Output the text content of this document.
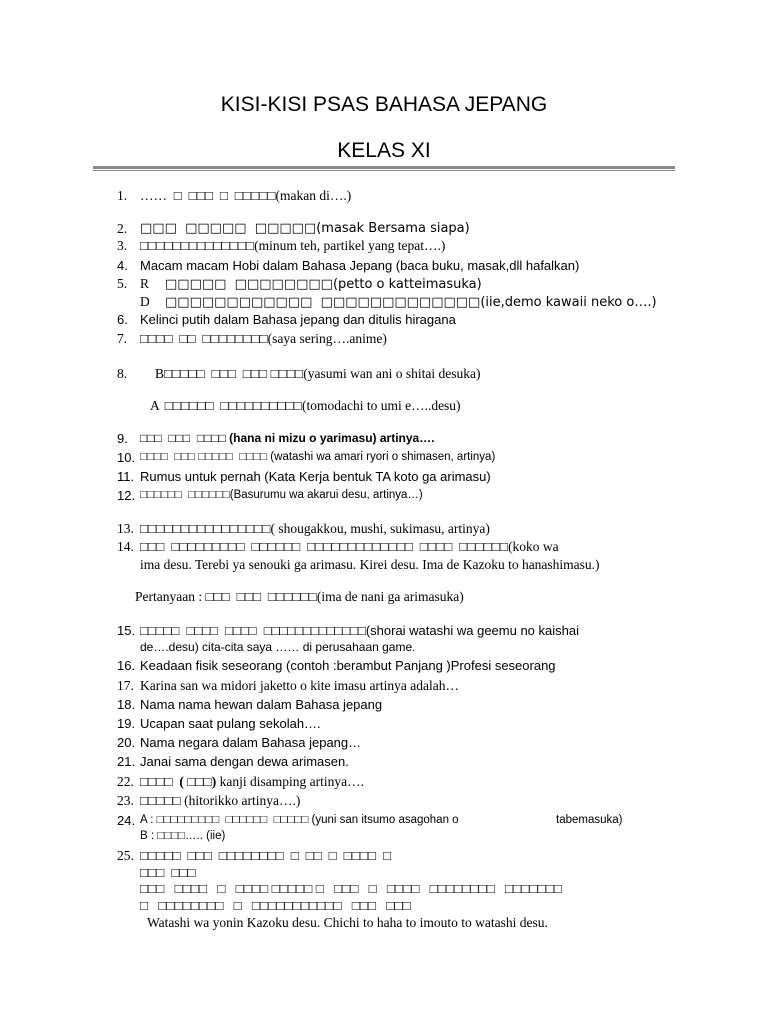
KISI-KISI PSAS BAHASA JEPANG
KELAS XI

1.

……  □  □□□  □  □□□□□(makan di….)

2.

□□□  □□□□□  □□□□□(masak Bersama siapa)

3.

□□□□□□□□□□□□□□(minum teh, partikel yang tepat….)

4.

Macam macam Hobi dalam Bahasa Jepang (baca buku, masak,dll hafalkan)

5.

R □□□□□  □□□□□□□□(petto o katteimasuka)

D □□□□□□□□□□□□  □□□□□□□□□□□□□(iie,demo kawaii neko o….)

6.

Kelinci putih dalam Bahasa jepang dan ditulis hiragana

7.

□□□□  □□  □□□□□□□□(saya sering….anime)

8.

B□□□□□  □□□  □□□ □□□□(yasumi wan ani o shitai desuka)

A □□□□□□  □□□□□□□□□□(tomodachi to umi e…..desu)

9.

□□□  □□□  □□□□ (hana ni mizu o yarimasu) artinya….

10.

□□□□  □□□ □□□□□  □□□□ (watashi wa amari ryori o shimasen, artinya)

11.

Rumus untuk pernah (Kata Kerja bentuk TA koto ga arimasu)

12.

□□□□□□  □□□□□□(Basurumu wa akarui desu, artinya…)

13.

□□□□□□□□□□□□□□□□( shougakkou, mushi, sukimasu, artinya)

14.

□□□  □□□□□□□□□  □□□□□□  □□□□□□□□□□□□□  □□□□  □□□□□□(koko wa

ima desu. Terebi ya senouki ga arimasu. Kirei desu. Ima de Kazoku to hanashimasu.)

Pertanyaan : □□□  □□□  □□□□□□(ima de nani ga arimasuka)

15.

□□□□□  □□□□  □□□□  □□□□□□□□□□□□□(shorai watashi wa geemu no kaishai

de….desu) cita-cita saya …… di perusahaan game.

16.

Keadaan fisik seseorang (contoh :berambut Panjang )Profesi seseorang

17.

Karina san wa midori jaketto o kite imasu artinya adalah…

18.

Nama nama hewan dalam Bahasa jepang

19.

Ucapan saat pulang sekolah….

20.

Nama negara dalam Bahasa jepang…

21.

Janai sama dengan dewa arimasen.

22.

□□□□  ( □□□) kanji disamping artinya….

23.

□□□□□ (hitorikko artinya….)

24.

A : □□□□□□□□□  □□□□□□  □□□□□ (yuni san itsumo asagohan o

	tabemasuka)

B : □□□□….. (iie)

25.

□□□□□  □□□  □□□□□□□□  □  □□  □  □□□□  □

□□□  □□□

□□□   □□□□   □   □□□□ □□□□□ □   □□□   □   □□□□   □□□□□□□□   □□□□□□□

□   □□□□□□□□   □   □□□□□□□□□□□   □□□   □□□

Watashi wa yonin Kazoku desu. Chichi to haha to imouto to watashi desu.
